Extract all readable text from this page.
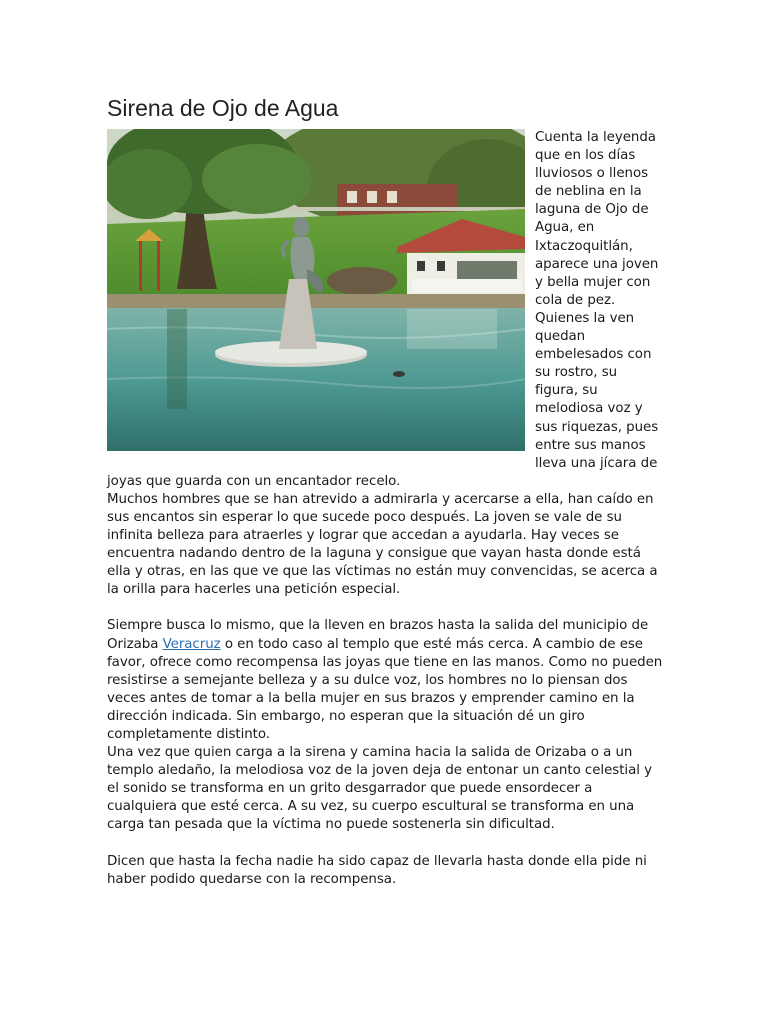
Sirena de Ojo de Agua

Cuenta la leyenda que en los días lluviosos o llenos de neblina en la laguna de Ojo de Agua, en Ixtaczoquitlán, aparece una joven y bella mujer con cola de pez. Quienes la ven quedan embelesados con su rostro, su figura, su melodiosa voz y sus riquezas, pues entre sus manos lleva una jícara de joyas que guarda con un encantador recelo.

Muchos hombres que se han atrevido a admirarla y acercarse a ella, han caído en sus encantos sin esperar lo que sucede poco después. La joven se vale de su infinita belleza para atraerles y lograr que accedan a ayudarla. Hay veces se encuentra nadando dentro de la laguna y consigue que vayan hasta donde está ella y otras, en las que ve que las víctimas no están muy convencidas, se acerca a la orilla para hacerles una petición especial.

Siempre busca lo mismo, que la lleven en brazos hasta la salida del municipio de Orizaba Veracruz o en todo caso al templo que esté más cerca. A cambio de ese favor, ofrece como recompensa las joyas que tiene en las manos. Como no pueden resistirse a semejante belleza y a su dulce voz, los hombres no lo piensan dos veces antes de tomar a la bella mujer en sus brazos y emprender camino en la dirección indicada. Sin embargo, no esperan que la situación dé un giro completamente distinto.

Una vez que quien carga a la sirena y camina hacia la salida de Orizaba o a un templo aledaño, la melodiosa voz de la joven deja de entonar un canto celestial y el sonido se transforma en un grito desgarrador que puede ensordecer a cualquiera que esté cerca. A su vez, su cuerpo escultural se transforma en una carga tan pesada que la víctima no puede sostenerla sin dificultad.

Dicen que hasta la fecha nadie ha sido capaz de llevarla hasta donde ella pide ni haber podido quedarse con la recompensa.
